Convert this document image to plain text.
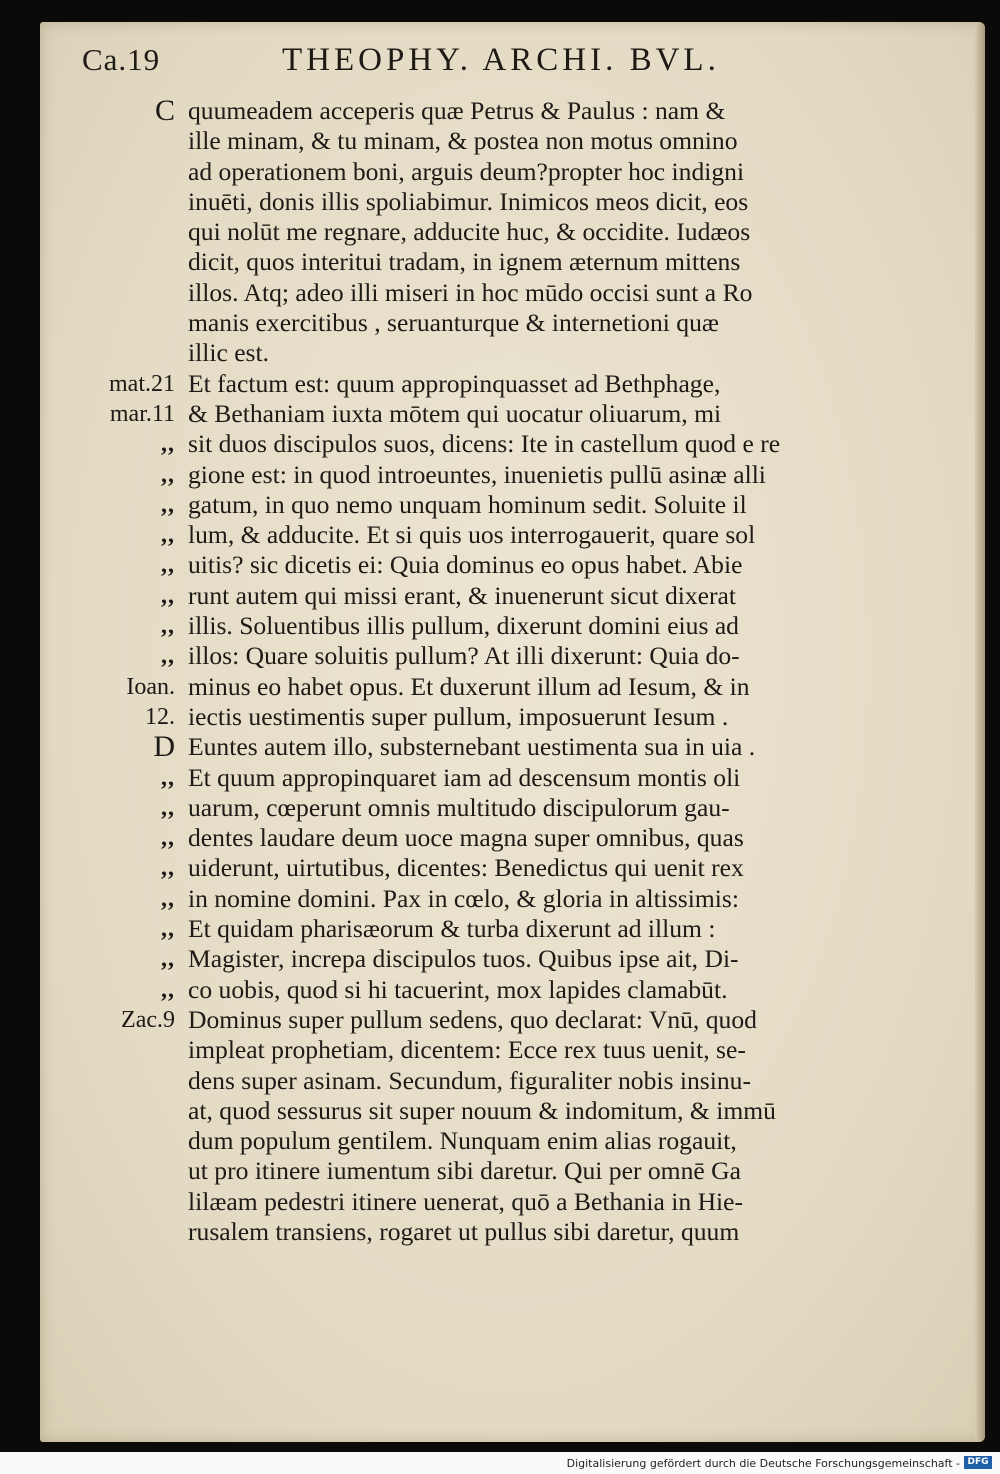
Ca.19	THEOPHY. ARCHI. BVL.
C
mat.21
mar.11
,,
,,
,,
,,
,,
,,
,,
,,
Ioan.
12.
D
,,
,,
,,
,,
,,
,,
,,
,,
Zac.9
quumeadem acceperis quæ Petrus & Paulus : nam &
ille minam, & tu minam, & postea non motus omnino
ad operationem boni, arguis deum?propter hoc indigni
inuēti, donis illis spoliabimur. Inimicos meos dicit, eos
qui nolūt me regnare, adducite huc, & occidite. Iudæos
dicit, quos interitui tradam, in ignem æternum mittens
illos. Atq; adeo illi miseri in hoc mūdo occisi sunt a Ro
manis exercitibus , seruanturque & internetioni quæ
illic est.
Et factum est: quum appropinquasset ad Bethphage,
& Bethaniam iuxta mōtem qui uocatur oliuarum, mi
sit duos discipulos suos, dicens: Ite in castellum quod e re
gione est: in quod introeuntes, inuenietis pullū asinæ alli
gatum, in quo nemo unquam hominum sedit. Soluite il
lum, & adducite. Et si quis uos interrogauerit, quare sol
uitis? sic dicetis ei: Quia dominus eo opus habet. Abie
runt autem qui missi erant, & inuenerunt sicut dixerat
illis. Soluentibus illis pullum, dixerunt domini eius ad
illos: Quare soluitis pullum? At illi dixerunt: Quia do-
minus eo habet opus. Et duxerunt illum ad Iesum, & in
iectis uestimentis super pullum, imposuerunt Iesum .
Euntes autem illo, substernebant uestimenta sua in uia .
Et quum appropinquaret iam ad descensum montis oli
uarum, cœperunt omnis multitudo discipulorum gau-
dentes laudare deum uoce magna super omnibus, quas
uiderunt, uirtutibus, dicentes: Benedictus qui uenit rex
in nomine domini. Pax in cœlo, & gloria in altissimis:
Et quidam pharisæorum & turba dixerunt ad illum :
Magister, increpa discipulos tuos. Quibus ipse ait, Di-
co uobis, quod si hi tacuerint, mox lapides clamabūt.
Dominus super pullum sedens, quo declarat: Vnū, quod
impleat prophetiam, dicentem: Ecce rex tuus uenit, se-
dens super asinam. Secundum, figuraliter nobis insinu-
at, quod sessurus sit super nouum & indomitum, & immū
dum populum gentilem. Nunquam enim alias rogauit,
ut pro itinere iumentum sibi daretur. Qui per omnē Ga
lilæam pedestri itinere uenerat, quō a Bethania in Hie-
rusalem transiens, rogaret ut pullus sibi daretur, quum
Digitalisierung gefördert durch die Deutsche Forschungsgemeinschaft - DFG
